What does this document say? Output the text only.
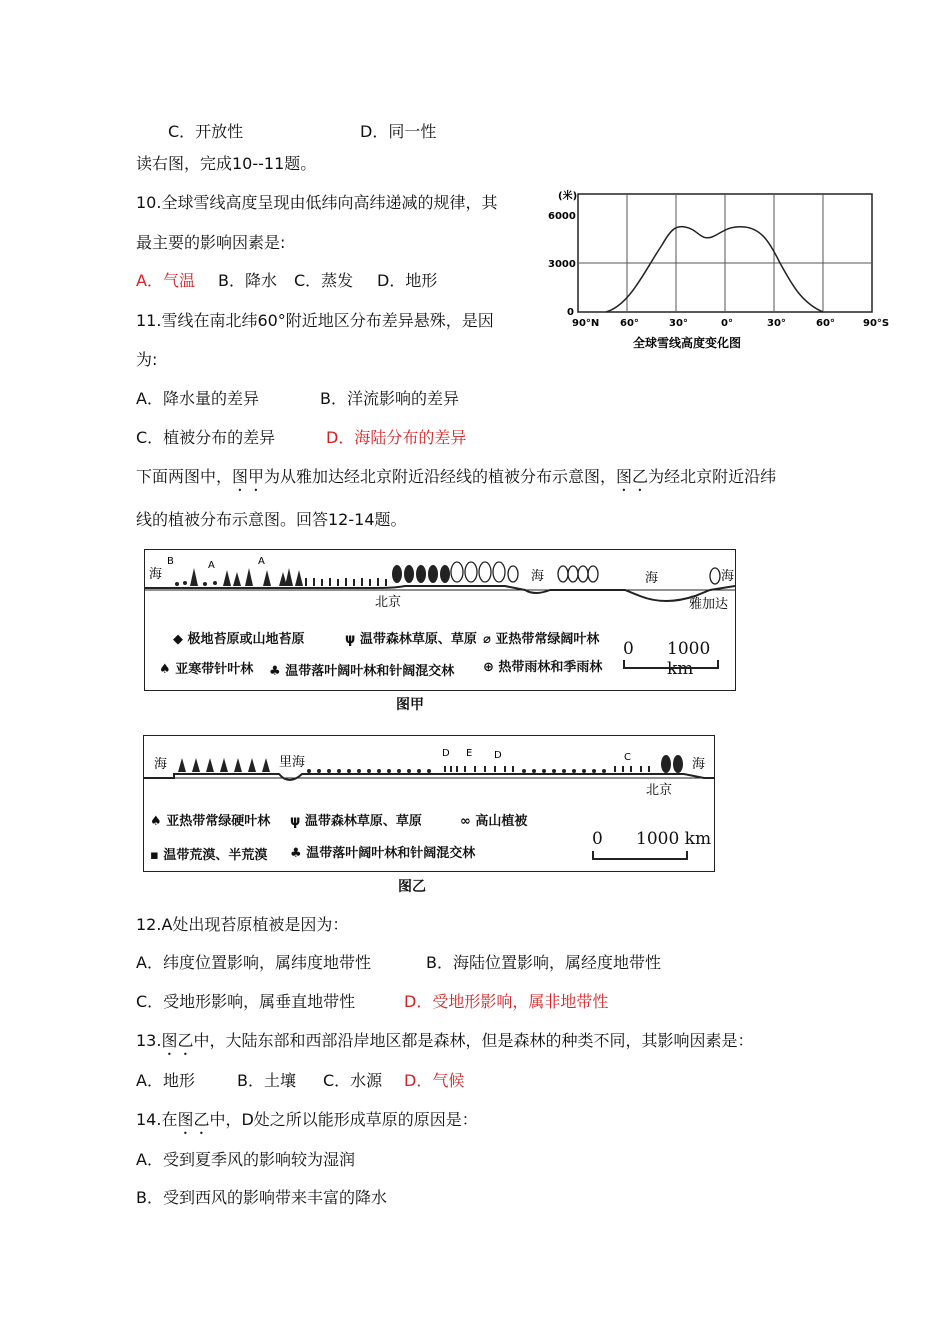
C．开放性	D．同一性
读右图，完成10--11题。
10.全球雪线高度呈现由低纬向高纬递减的规律，其
最主要的影响因素是:
A．气温 B．降水 C．蒸发 D．地形
11.雪线在南北纬60°附近地区分布差异悬殊，是因
为:
A．降水量的差异	B．洋流影响的差异
C．植被分布的差异	D．海陆分布的差异
(米)
6000
3000
0
90°N 60°	30°	0°	30°	60°	90°S
全球雪线高度变化图
下面两图中，图甲为从雅加达经北京附近沿经线的植被分布示意图，图乙为经北京附近沿纬
线的植被分布示意图。回答12-14题。
海
B	A	A
海	海	海
北京	雅加达
◆ 极地苔原或山地苔原	ψ 温带森林草原、草原 ⌀ 亚热带常绿阔叶林
♠ 亚寒带针叶林 ♣ 温带落叶阔叶林和针阔混交林 ⊕ 热带雨林和季雨林
0 1000 km
图甲
海	里海
D E D	C	海
北京
♠ 亚热带常绿硬叶林 ψ 温带森林草原、草原	∞ 高山植被
▪ 温带荒漠、半荒漠 ♣ 温带落叶阔叶林和针阔混交林
0 1000 km
图乙
12.A处出现苔原植被是因为：
A．纬度位置影响，属纬度地带性	B．海陆位置影响，属经度地带性
C．受地形影响，属垂直地带性	D．受地形影响，属非地带性
13.图乙中，大陆东部和西部沿岸地区都是森林，但是森林的种类不同，其影响因素是：
A．地形	B．土壤 C．水源 D．气候
14.在图乙中，D处之所以能形成草原的原因是：
A．受到夏季风的影响较为湿润
B．受到西风的影响带来丰富的降水
